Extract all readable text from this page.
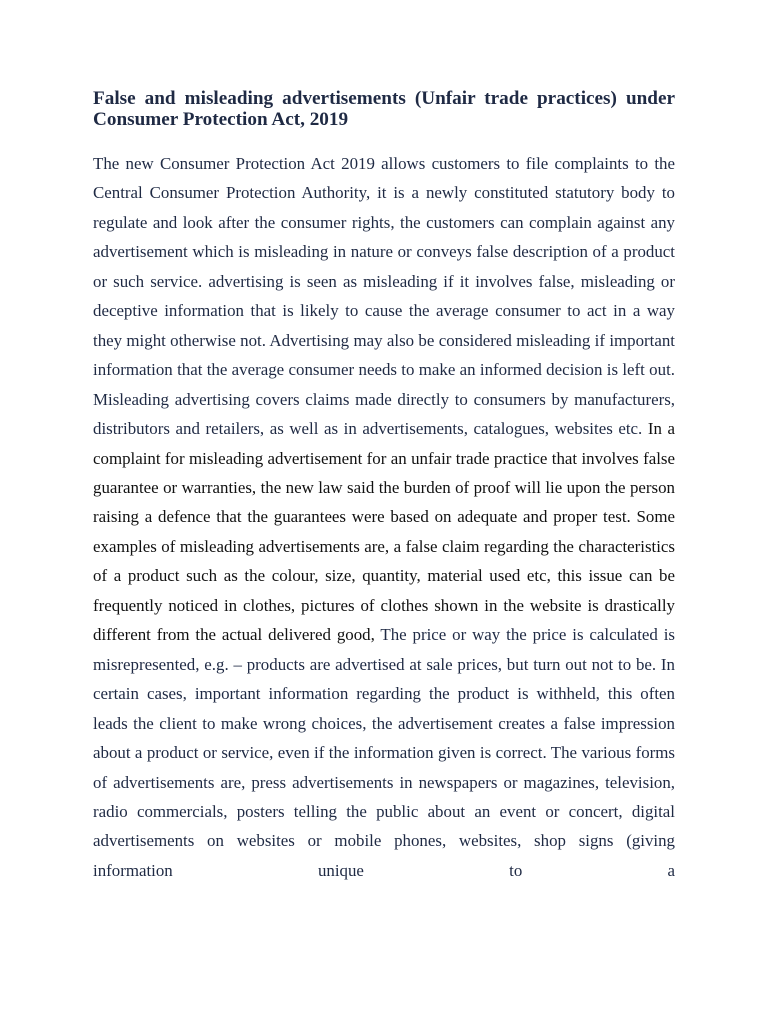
False and misleading advertisements (Unfair trade practices) under Consumer Protection Act, 2019

The new Consumer Protection Act 2019 allows customers to file complaints to the Central Consumer Protection Authority, it is a newly constituted statutory body to regulate and look after the consumer rights, the customers can complain against any advertisement which is misleading in nature or conveys false description of a product or such service. advertising is seen as misleading if it involves false, misleading or deceptive information that is likely to cause the average consumer to act in a way they might otherwise not. Advertising may also be considered misleading if important information that the average consumer needs to make an informed decision is left out. Misleading advertising covers claims made directly to consumers by manufacturers, distributors and retailers, as well as in advertisements, catalogues, websites etc. In a complaint for misleading advertisement for an unfair trade practice that involves false guarantee or warranties, the new law said the burden of proof will lie upon the person raising a defence that the guarantees were based on adequate and proper test. Some examples of misleading advertisements are, a false claim regarding the characteristics of a product such as the colour, size, quantity, material used etc, this issue can be frequently noticed in clothes, pictures of clothes shown in the website is drastically different from the actual delivered good, The price or way the price is calculated is misrepresented, e.g. – products are advertised at sale prices, but turn out not to be. In certain cases, important information regarding the product is withheld, this often leads the client to make wrong choices, the advertisement creates a false impression about a product or service, even if the information given is correct. The various forms of advertisements are, press advertisements in newspapers or magazines, television, radio commercials, posters telling the public about an event or concert, digital advertisements on websites or mobile phones, websites, shop signs (giving information unique to a
